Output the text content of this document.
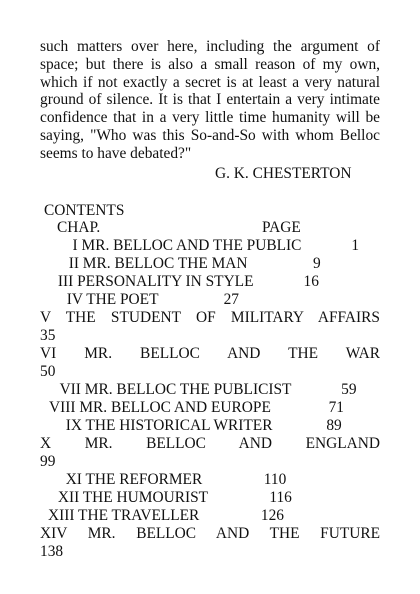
such matters over here, including the argument of space; but there is also a small reason of my own, which if not exactly a secret is at least a very natural ground of silence. It is that I entertain a very intimate confidence that in a very little time humanity will be saying, "Who was this So-and-So with whom Belloc seems to have debated?"

G. K. CHESTERTON
CONTENTS
CHAP.	PAGE
I MR. BELLOC AND THE PUBLIC             1
II MR. BELLOC THE MAN                 9
III PERSONALITY IN STYLE             16
IV THE POET                 27
V THE STUDENT OF MILITARY AFFAIRS
35
VI MR. BELLOC AND THE WAR
50
VII MR. BELLOC THE PUBLICIST             59
VIII MR. BELLOC AND EUROPE               71
IX THE HISTORICAL WRITER              89
X MR. BELLOC AND ENGLAND
99
XI THE REFORMER                110
XII THE HUMOURIST                116
XIII THE TRAVELLER                126
XIV MR. BELLOC AND THE FUTURE
138
